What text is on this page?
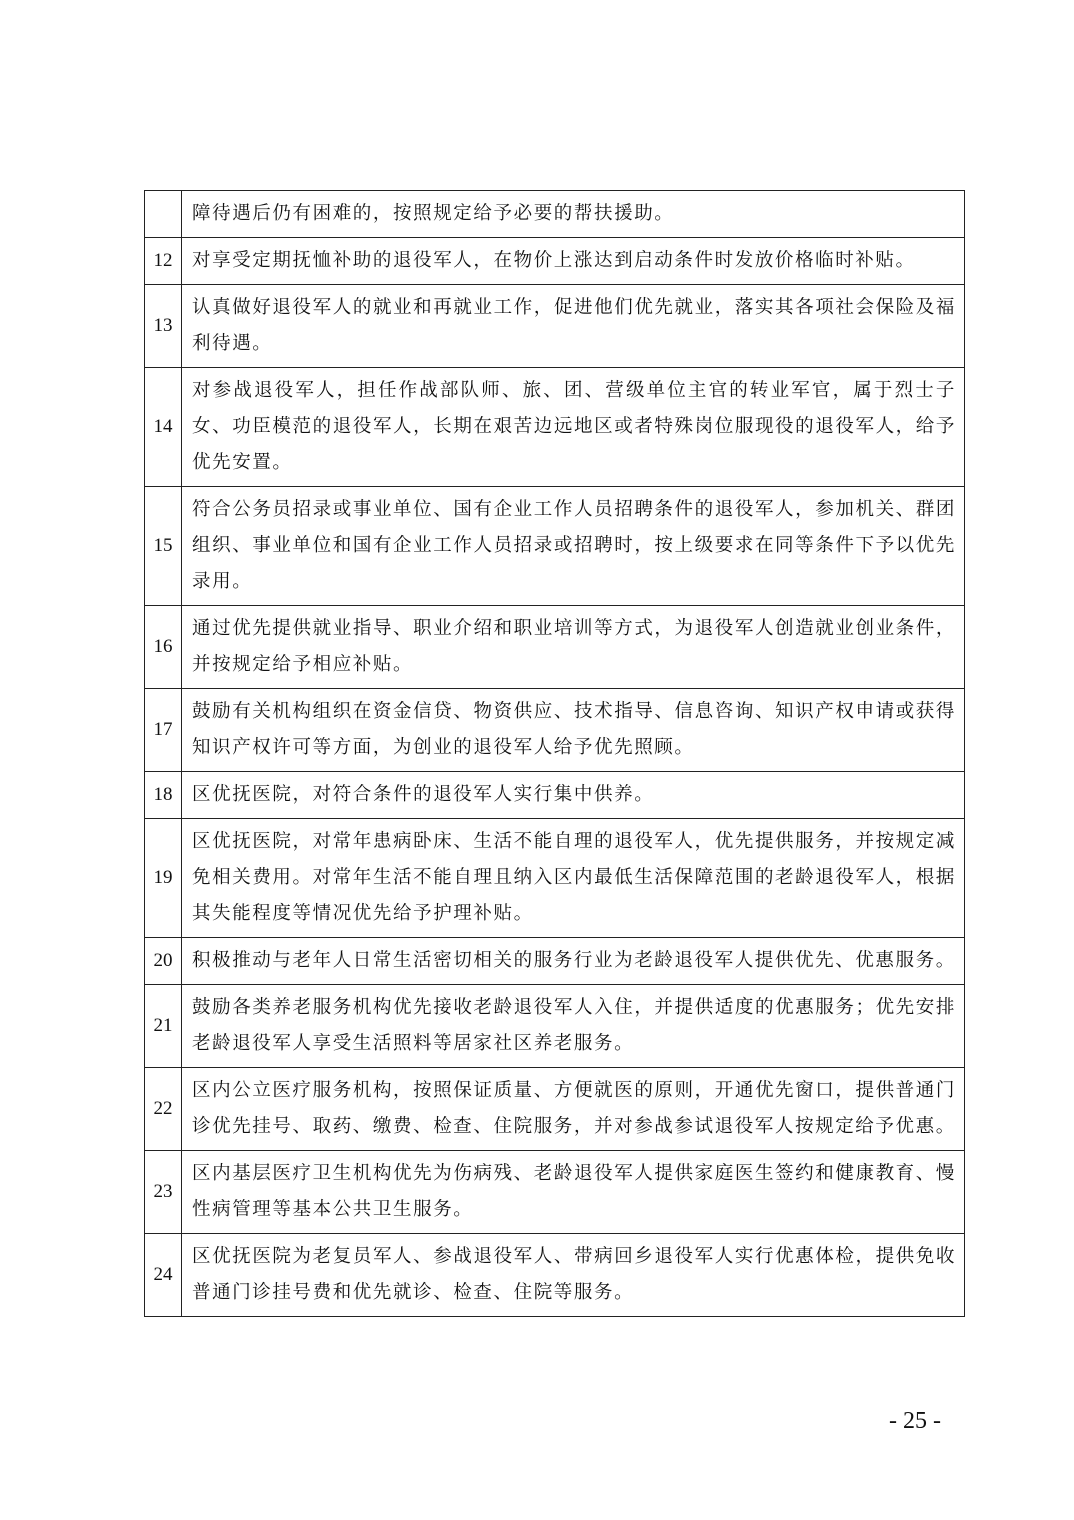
	障待遇后仍有困难的，按照规定给予必要的帮扶援助。
12	对享受定期抚恤补助的退役军人，在物价上涨达到启动条件时发放价格临时补贴。
13	认真做好退役军人的就业和再就业工作，促进他们优先就业，落实其各项社会保险及福利待遇。
14	对参战退役军人，担任作战部队师、旅、团、营级单位主官的转业军官，属于烈士子女、功臣模范的退役军人，长期在艰苦边远地区或者特殊岗位服现役的退役军人，给予优先安置。
15	符合公务员招录或事业单位、国有企业工作人员招聘条件的退役军人，参加机关、群团组织、事业单位和国有企业工作人员招录或招聘时，按上级要求在同等条件下予以优先录用。
16	通过优先提供就业指导、职业介绍和职业培训等方式，为退役军人创造就业创业条件，并按规定给予相应补贴。
17	鼓励有关机构组织在资金信贷、物资供应、技术指导、信息咨询、知识产权申请或获得知识产权许可等方面，为创业的退役军人给予优先照顾。
18	区优抚医院，对符合条件的退役军人实行集中供养。
19	区优抚医院，对常年患病卧床、生活不能自理的退役军人，优先提供服务，并按规定减免相关费用。对常年生活不能自理且纳入区内最低生活保障范围的老龄退役军人，根据其失能程度等情况优先给予护理补贴。
20	积极推动与老年人日常生活密切相关的服务行业为老龄退役军人提供优先、优惠服务。
21	鼓励各类养老服务机构优先接收老龄退役军人入住，并提供适度的优惠服务；优先安排老龄退役军人享受生活照料等居家社区养老服务。
22	区内公立医疗服务机构，按照保证质量、方便就医的原则，开通优先窗口，提供普通门诊优先挂号、取药、缴费、检查、住院服务，并对参战参试退役军人按规定给予优惠。
23	区内基层医疗卫生机构优先为伤病残、老龄退役军人提供家庭医生签约和健康教育、慢性病管理等基本公共卫生服务。
24	区优抚医院为老复员军人、参战退役军人、带病回乡退役军人实行优惠体检，提供免收普通门诊挂号费和优先就诊、检查、住院等服务。
- 25 -
